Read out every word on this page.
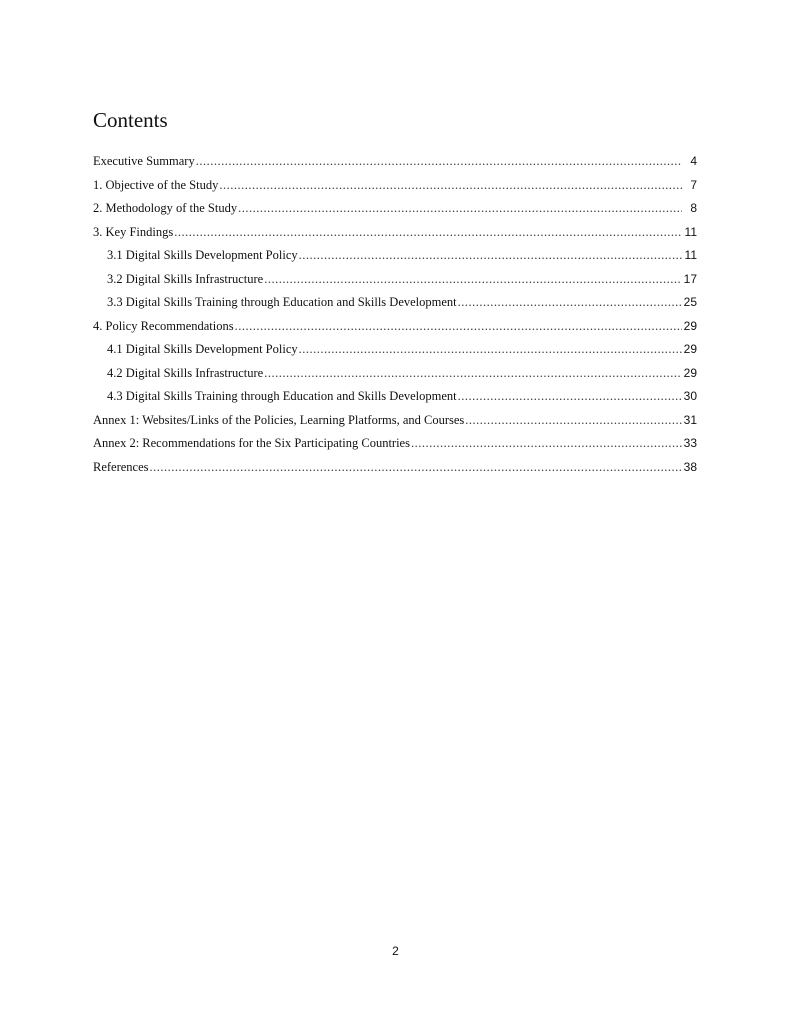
Contents
Executive Summary .....	4
1. Objective of the Study .....	7
2. Methodology of the Study .....	8
3. Key Findings .....	11
3.1 Digital Skills Development Policy .....	11
3.2 Digital Skills Infrastructure .....	17
3.3 Digital Skills Training through Education and Skills Development .....	25
4. Policy Recommendations .....	29
4.1 Digital Skills Development Policy .....	29
4.2 Digital Skills Infrastructure .....	29
4.3 Digital Skills Training through Education and Skills Development .....	30
Annex 1: Websites/Links of the Policies, Learning Platforms, and Courses .....	31
Annex 2: Recommendations for the Six Participating Countries .....	33
References .....	38
2
